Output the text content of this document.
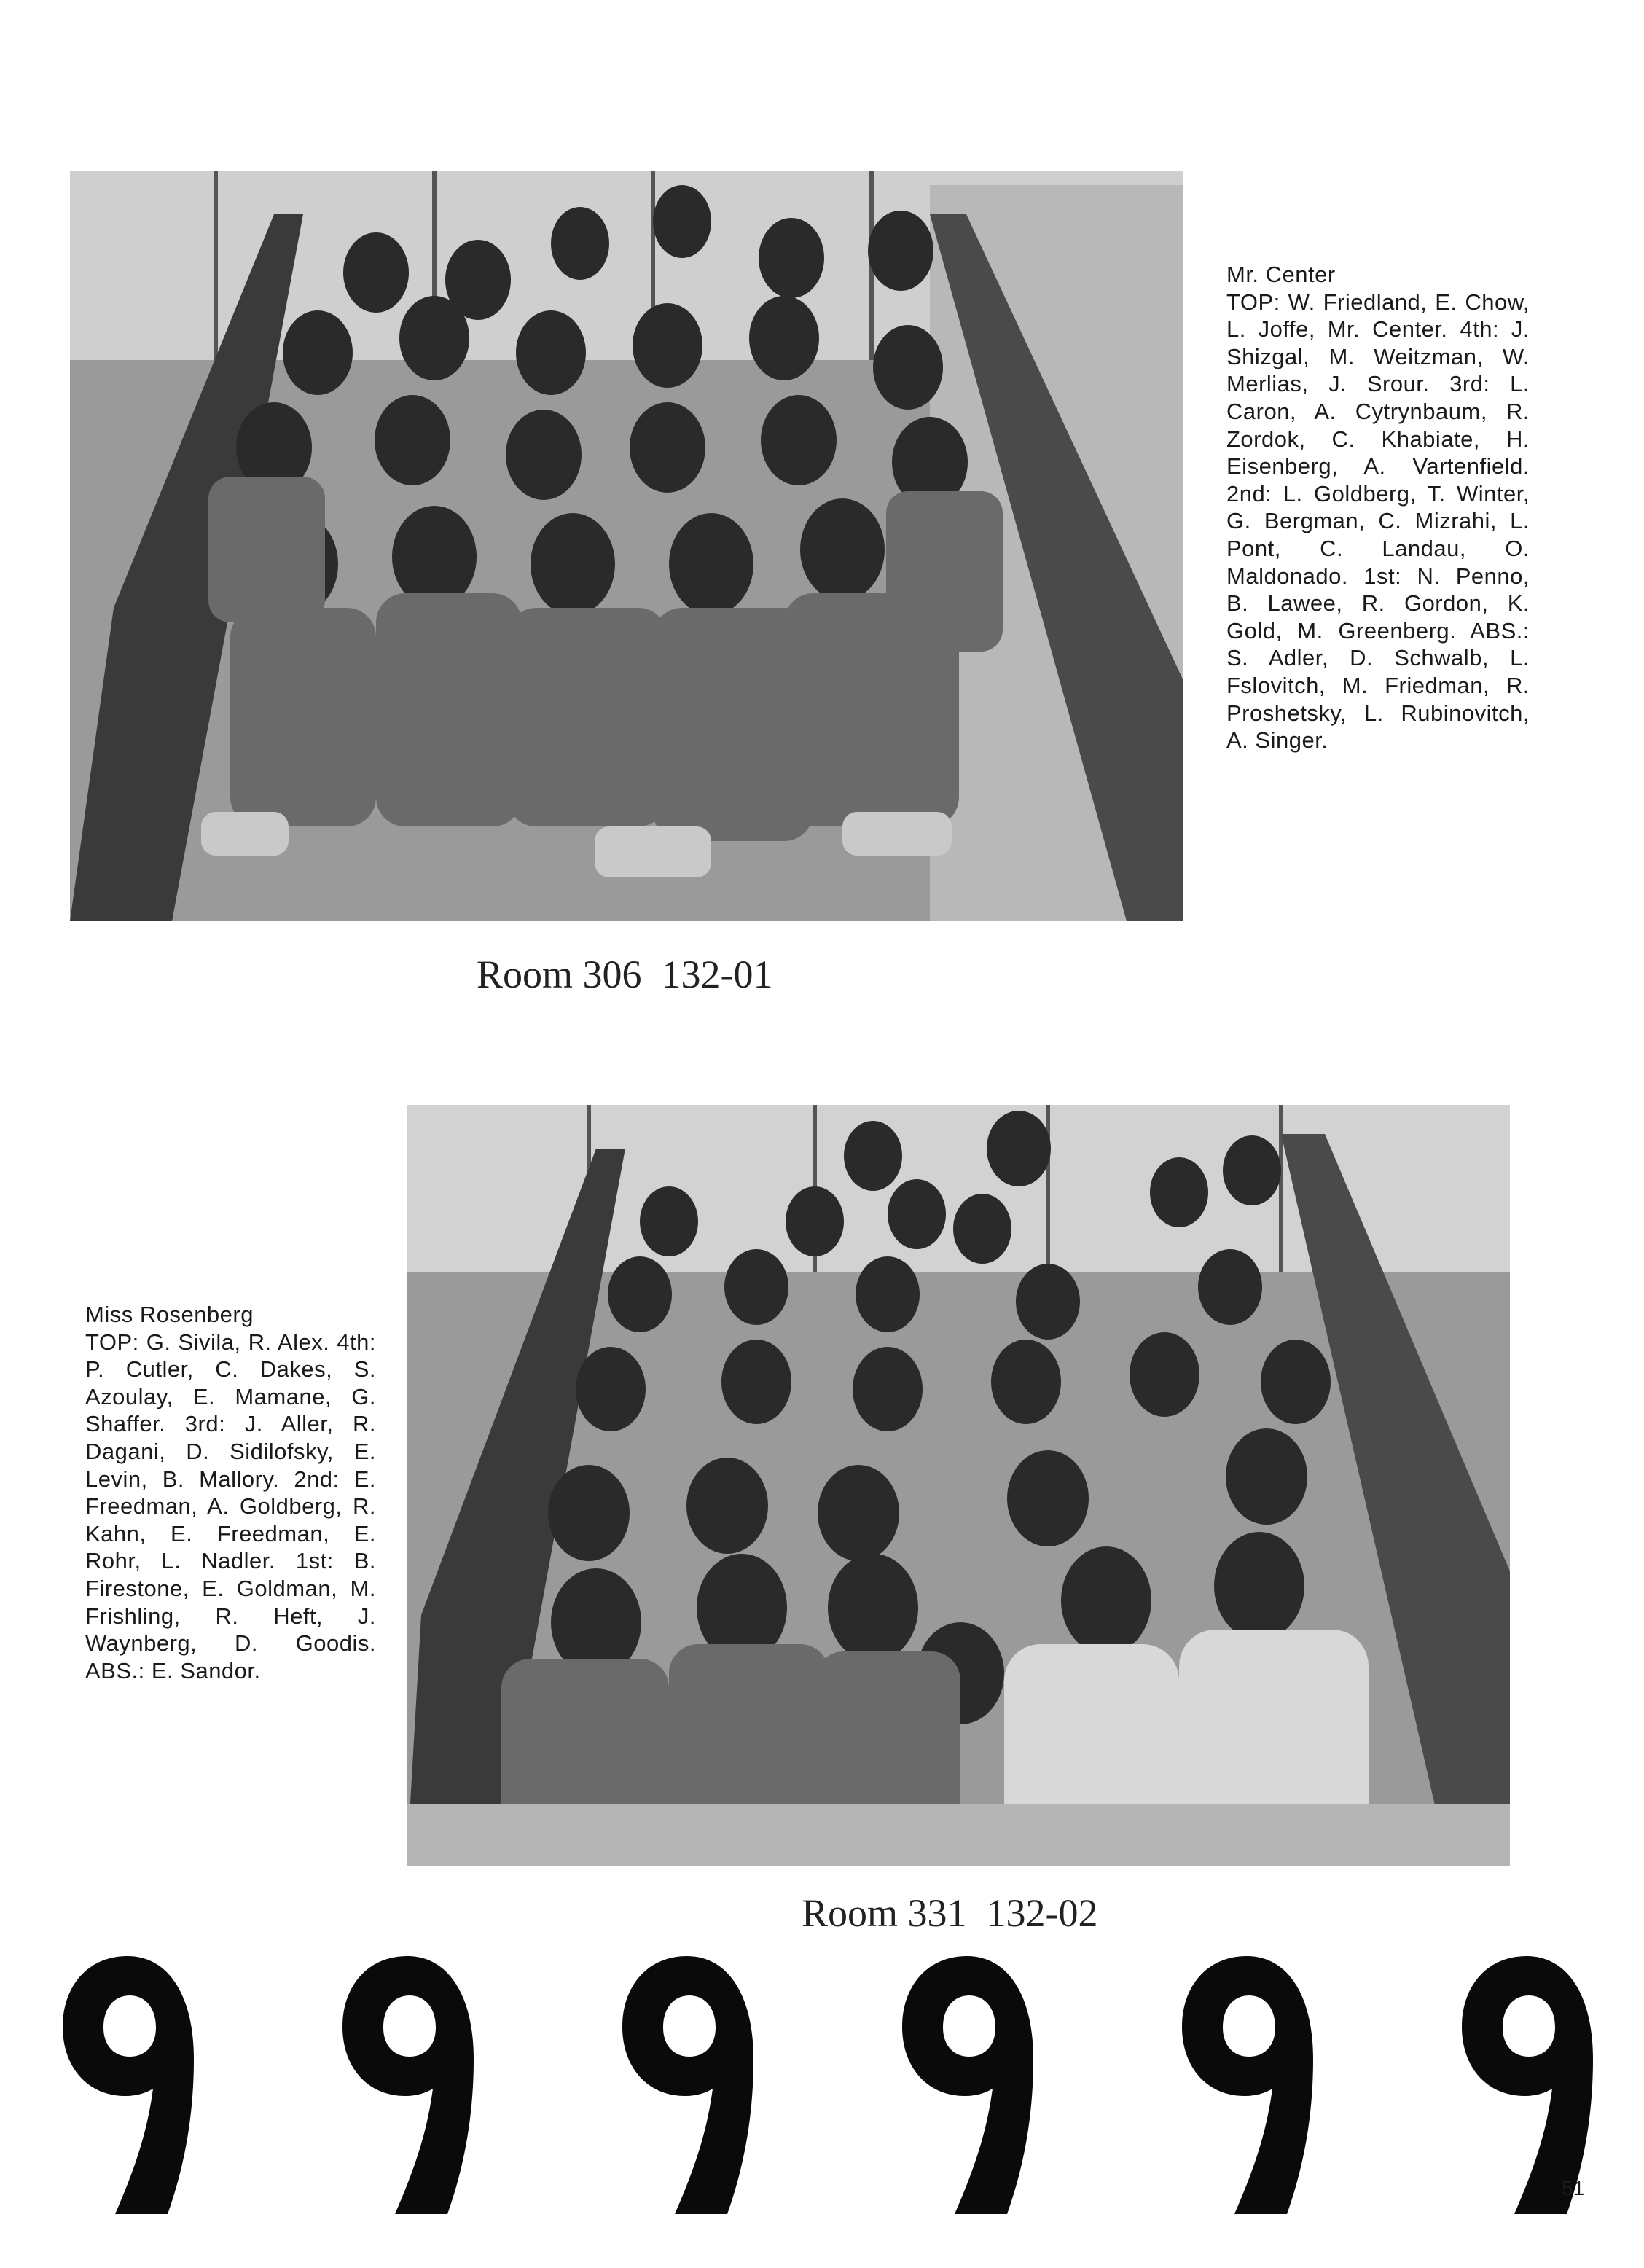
Mr. Center
TOP: W. Friedland, E. Chow, L. Joffe, Mr. Center. 4th: J. Shizgal, M. Weitzman, W. Merlias, J. Srour. 3rd: L. Caron, A. Cytrynbaum, R. Zordok, C. Khabiate, H. Eisenberg, A. Vartenfield. 2nd: L. Goldberg, T. Winter, G. Bergman, C. Mizrahi, L. Pont, C. Landau, O. Maldonado. 1st: N. Penno, B. Lawee, R. Gordon, K. Gold, M. Greenberg. ABS.: S. Adler, D. Schwalb, L. Fslovitch, M. Friedman, R. Proshetsky, L. Rubinovitch, A. Singer.
Room 306  132-01
Miss Rosenberg
TOP: G. Sivila, R. Alex. 4th: P. Cutler, C. Dakes, S. Azoulay, E. Mamane, G. Shaffer. 3rd: J. Aller, R. Dagani, D. Sidilofsky, E. Levin, B. Mallory. 2nd: E. Freedman, A. Goldberg, R. Kahn, E. Freedman, E. Rohr, L. Nadler. 1st: B. Firestone, E. Goldman, M. Frishling, R. Heft, J. Waynberg, D. Goodis. ABS.: E. Sandor.
Room 331  132-02
51
